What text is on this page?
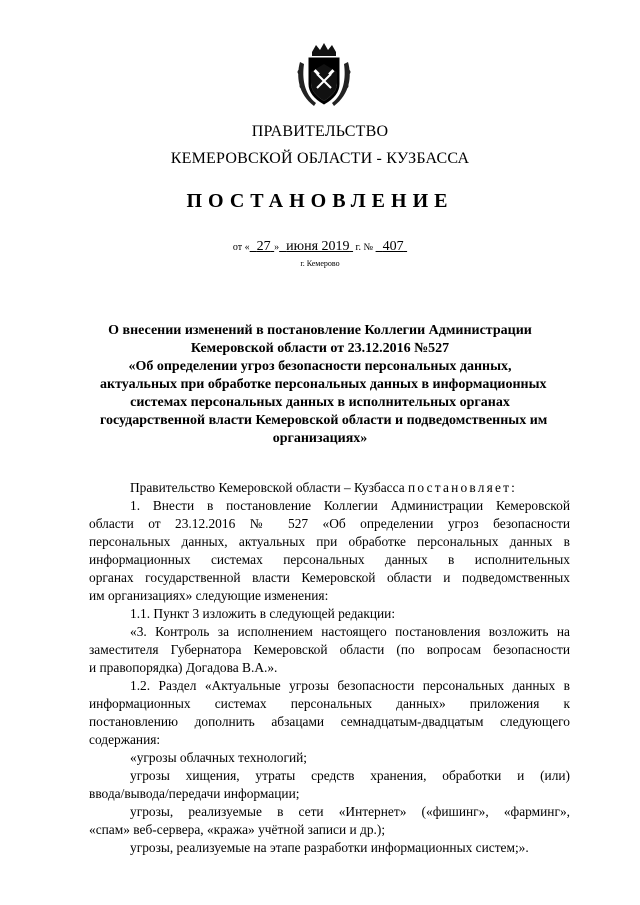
ПРАВИТЕЛЬСТВО
КЕМЕРОВСКОЙ ОБЛАСТИ - КУЗБАССА
ПОСТАНОВЛЕНИЕ
от « 27 » июня 2019 г. № 407
г. Кемерово
О внесении изменений в постановление Коллегии Администрации
Кемеровской области от 23.12.2016 №527
«Об определении угроз безопасности персональных данных,
актуальных при обработке персональных данных в информационных
системах персональных данных в исполнительных органах
государственной власти Кемеровской области и подведомственных им
организациях»
Правительство Кемеровской области – Кузбасса постановляет:
1. Внести в постановление Коллегии Администрации Кемеровской
области от 23.12.2016 № 527 «Об определении угроз безопасности
персональных данных, актуальных при обработке персональных данных в
информационных системах персональных данных в исполнительных
органах государственной власти Кемеровской области и подведомственных
им организациях» следующие изменения:
1.1. Пункт 3 изложить в следующей редакции:
«3. Контроль за исполнением настоящего постановления возложить на
заместителя Губернатора Кемеровской области (по вопросам безопасности
и правопорядка) Догадова В.А.».
1.2. Раздел «Актуальные угрозы безопасности персональных данных в
информационных системах персональных данных» приложения к
постановлению дополнить абзацами семнадцатым-двадцатым следующего
содержания:
«угрозы облачных технологий;
угрозы хищения, утраты средств хранения, обработки и (или)
ввода/вывода/передачи информации;
угрозы, реализуемые в сети «Интернет» («фишинг», «фарминг»,
«спам» веб-сервера, «кража» учётной записи и др.);
угрозы, реализуемые на этапе разработки информационных систем;».
